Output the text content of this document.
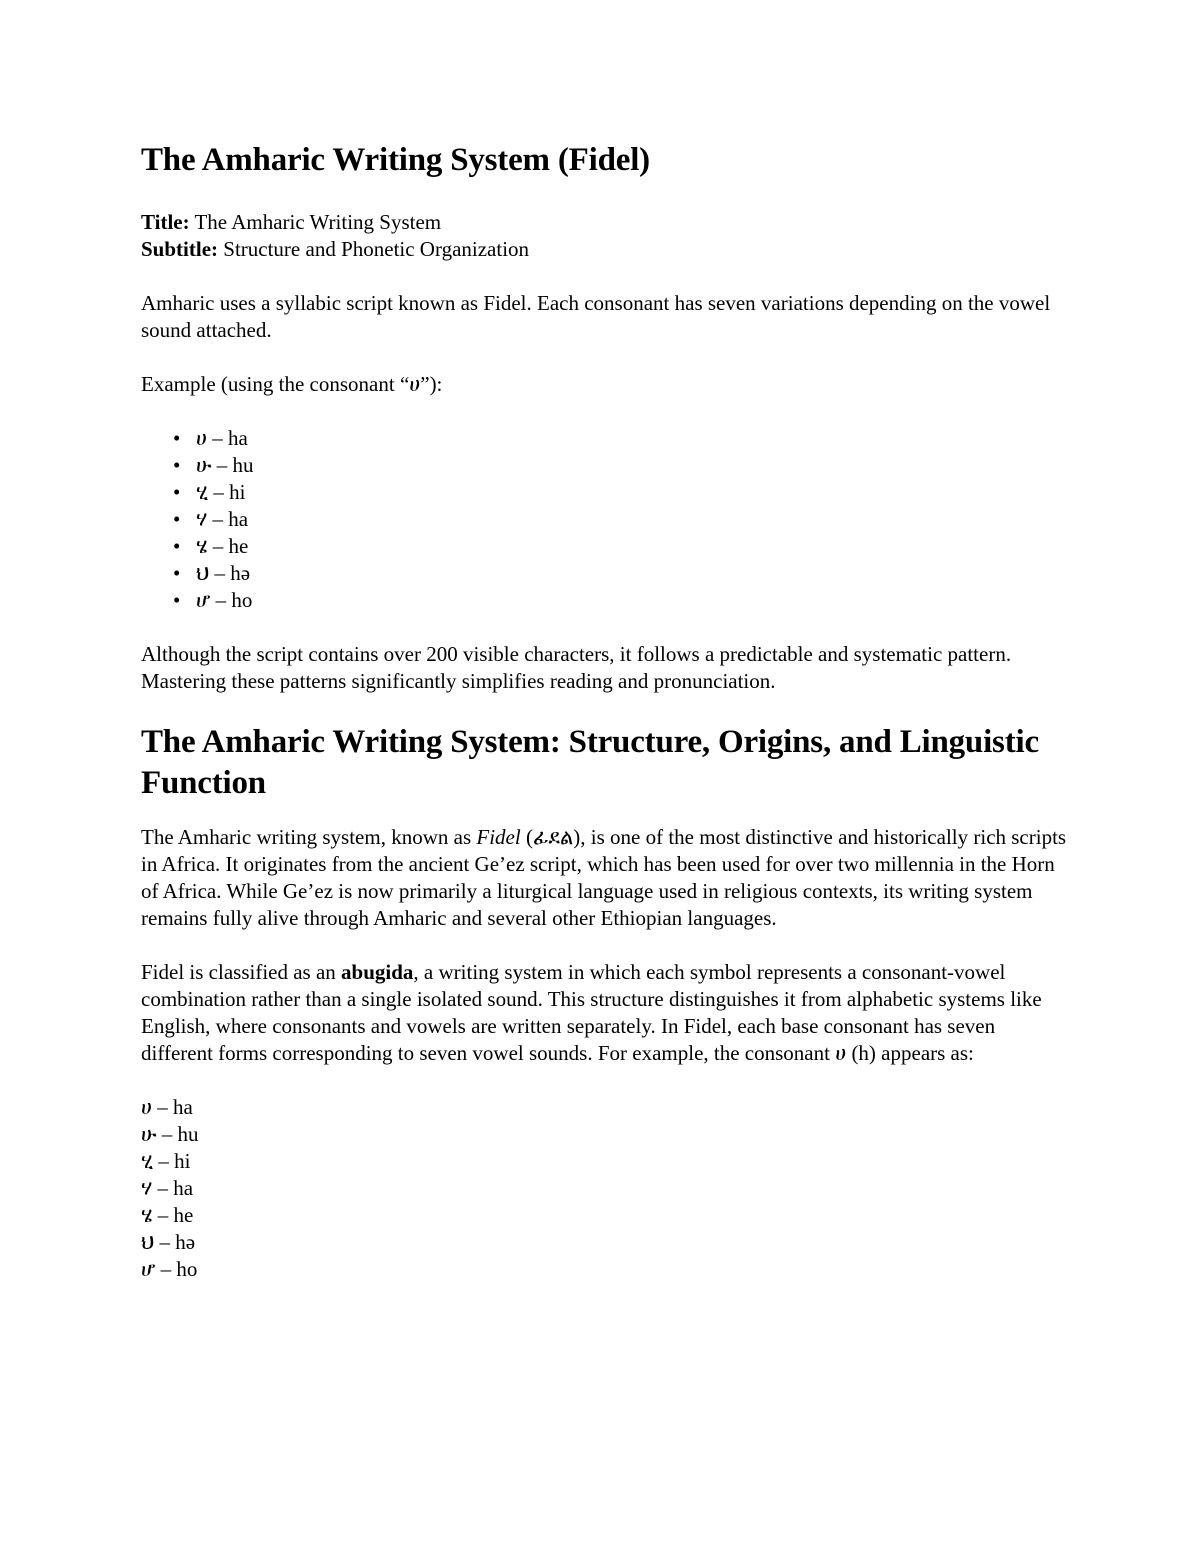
The Amharic Writing System (Fidel)

Title: The Amharic Writing System

Subtitle: Structure and Phonetic Organization

Amharic uses a syllabic script known as Fidel. Each consonant has seven variations depending on the vowel sound attached.

Example (using the consonant “ሀ”):

• ሀ – ha
• ሁ – hu
• ሂ – hi
• ሃ – ha
• ሄ – he
• ህ – hə
• ሆ – ho

Although the script contains over 200 visible characters, it follows a predictable and systematic pattern. Mastering these patterns significantly simplifies reading and pronunciation.

The Amharic Writing System: Structure, Origins, and Linguistic Function

The Amharic writing system, known as Fidel (ፊደል), is one of the most distinctive and historically rich scripts in Africa. It originates from the ancient Ge’ez script, which has been used for over two millennia in the Horn of Africa. While Ge’ez is now primarily a liturgical language used in religious contexts, its writing system remains fully alive through Amharic and several other Ethiopian languages.

Fidel is classified as an abugida, a writing system in which each symbol represents a consonant-vowel combination rather than a single isolated sound. This structure distinguishes it from alphabetic systems like English, where consonants and vowels are written separately. In Fidel, each base consonant has seven different forms corresponding to seven vowel sounds. For example, the consonant ሀ (h) appears as:

ሀ – ha
ሁ – hu
ሂ – hi
ሃ – ha
ሄ – he
ህ – hə
ሆ – ho
